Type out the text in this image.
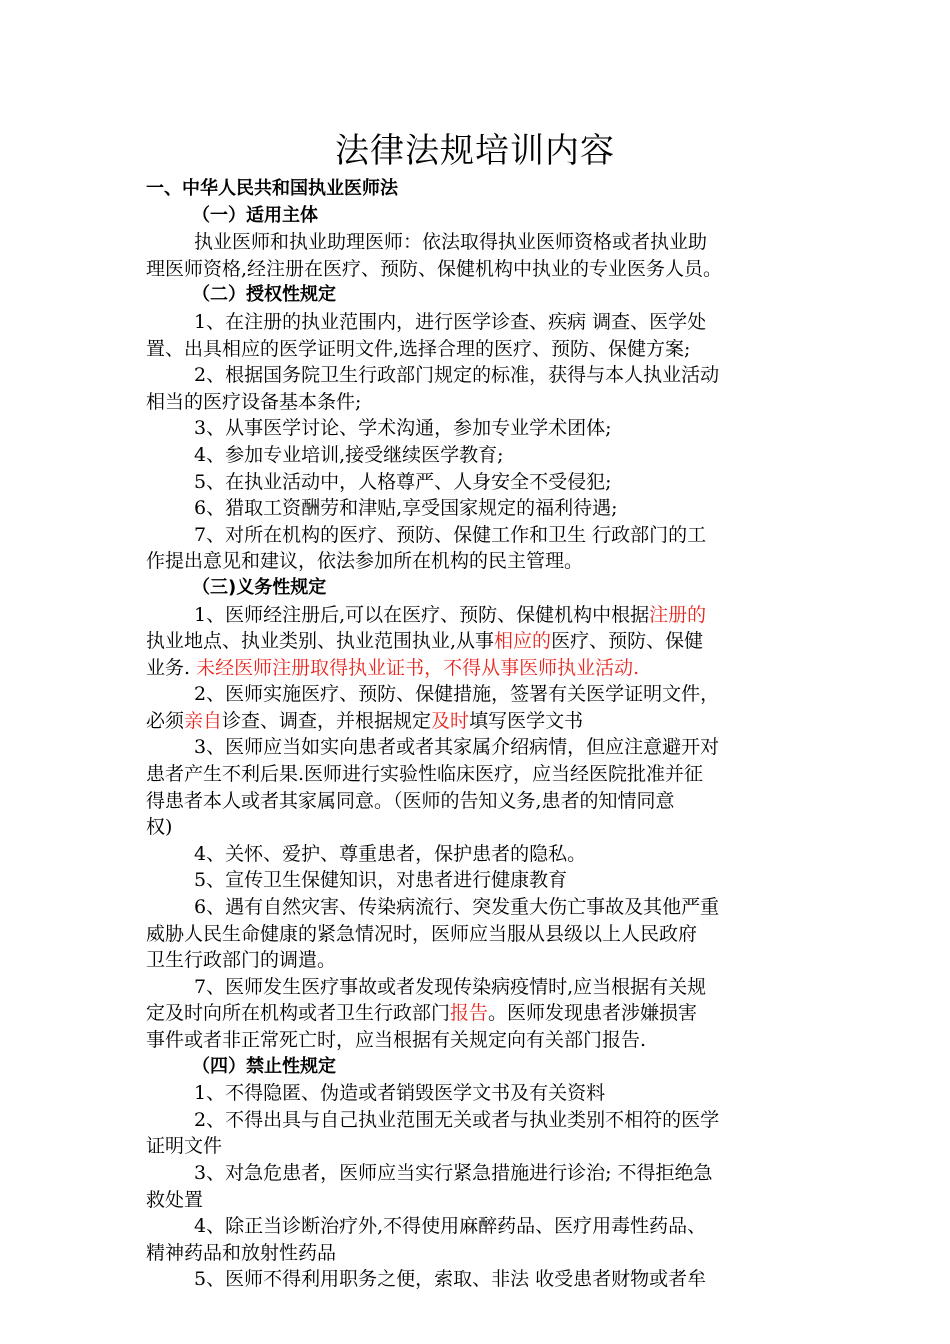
法律法规培训内容
一、中华人民共和国执业医师法
（一）适用主体
执业医师和执业助理医师：依法取得执业医师资格或者执业助
理医师资格,经注册在医疗、预防、保健机构中执业的专业医务人员。
（二）授权性规定
1、在注册的执业范围内，进行医学诊查、疾病 调查、医学处
置、出具相应的医学证明文件,选择合理的医疗、预防、保健方案;
2、根据国务院卫生行政部门规定的标准，获得与本人执业活动
相当的医疗设备基本条件;
3、从事医学讨论、学术沟通，参加专业学术团体;
4、参加专业培训,接受继续医学教育;
5、在执业活动中，人格尊严、人身安全不受侵犯;
6、猎取工资酬劳和津贴,享受国家规定的福利待遇;
7、对所在机构的医疗、预防、保健工作和卫生 行政部门的工
作提出意见和建议，依法参加所在机构的民主管理。
（三)义务性规定
1、医师经注册后,可以在医疗、预防、保健机构中根据注册的
执业地点、执业类别、执业范围执业,从事相应的医疗、预防、保健
业务. 未经医师注册取得执业证书，不得从事医师执业活动.
2、医师实施医疗、预防、保健措施，签署有关医学证明文件，
必须亲自诊查、调查，并根据规定及时填写医学文书
3、医师应当如实向患者或者其家属介绍病情，但应注意避开对
患者产生不利后果.医师进行实验性临床医疗，应当经医院批准并征
得患者本人或者其家属同意。（医师的告知义务,患者的知情同意
权)
4、关怀、爱护、尊重患者，保护患者的隐私。
5、宣传卫生保健知识，对患者进行健康教育
6、遇有自然灾害、传染病流行、突发重大伤亡事故及其他严重
威胁人民生命健康的紧急情况时，医师应当服从县级以上人民政府
卫生行政部门的调遣。
7、医师发生医疗事故或者发现传染病疫情时,应当根据有关规
定及时向所在机构或者卫生行政部门报告。医师发现患者涉嫌损害
事件或者非正常死亡时，应当根据有关规定向有关部门报告.
（四）禁止性规定
1、不得隐匿、伪造或者销毁医学文书及有关资料
2、不得出具与自己执业范围无关或者与执业类别不相符的医学
证明文件
3、对急危患者，医师应当实行紧急措施进行诊治; 不得拒绝急
救处置
4、除正当诊断治疗外,不得使用麻醉药品、医疗用毒性药品、
精神药品和放射性药品
5、医师不得利用职务之便，索取、非法 收受患者财物或者牟
